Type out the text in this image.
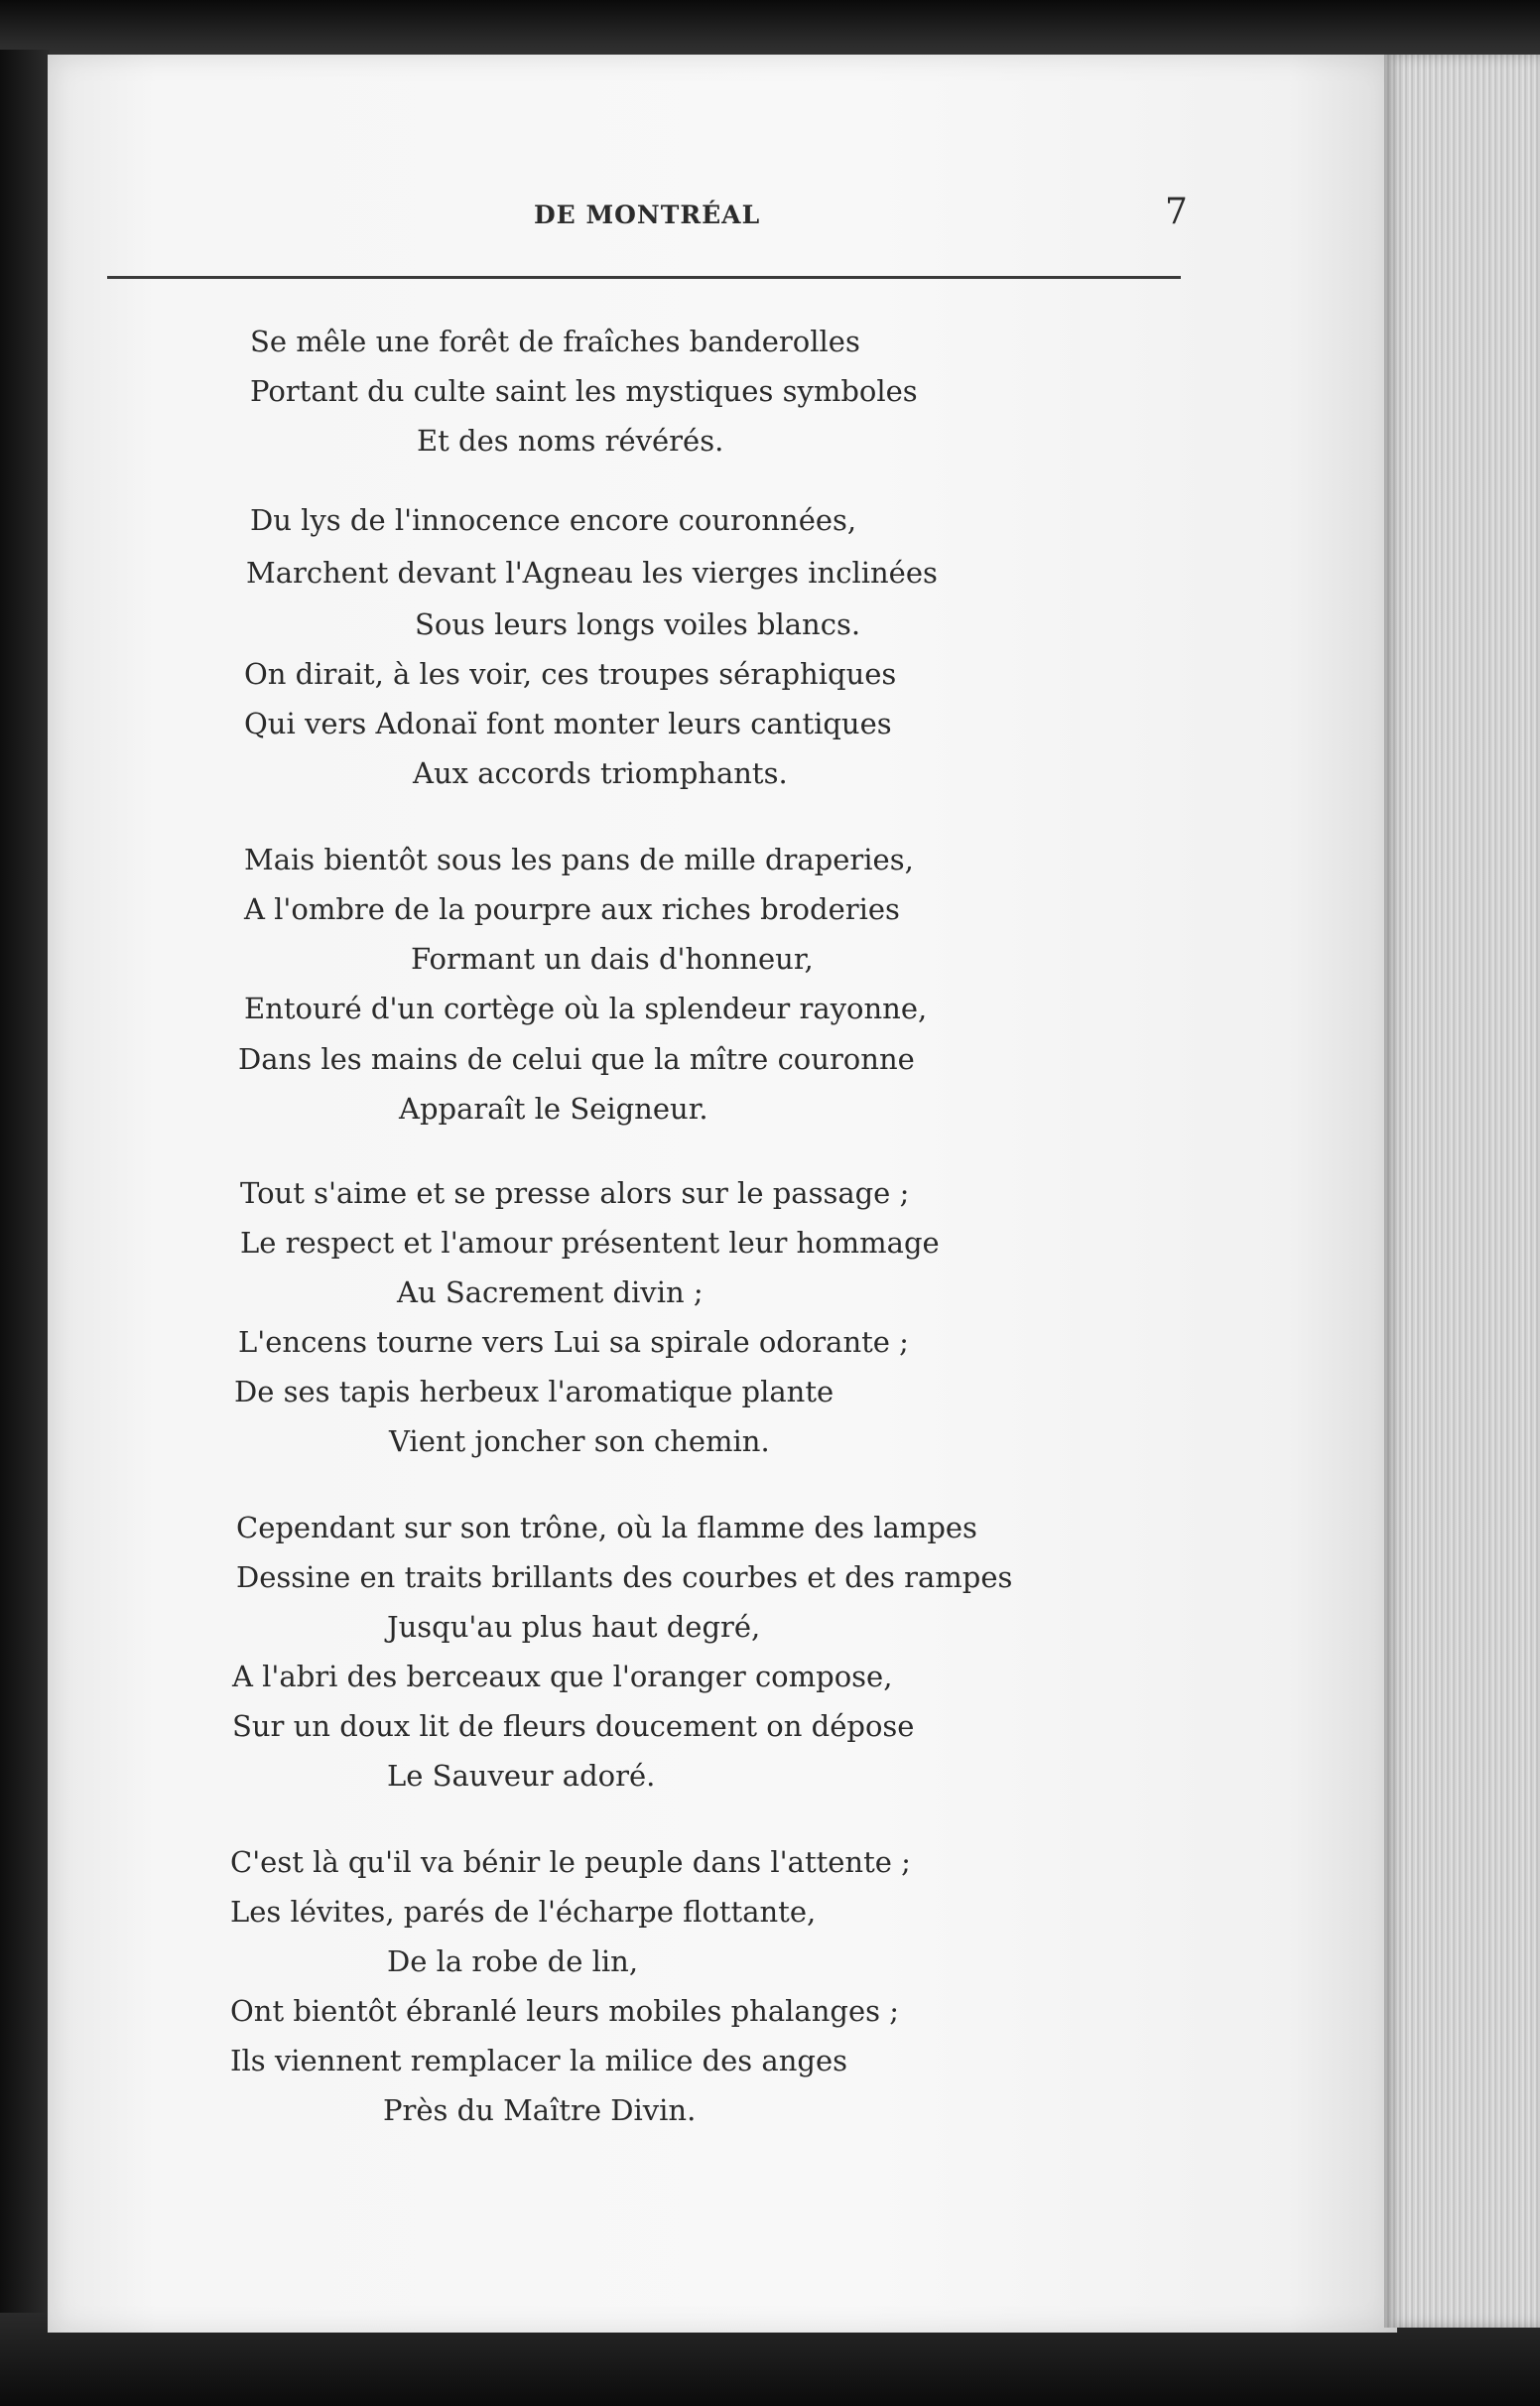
DE MONTRÉAL	7
Se mêle une forêt de fraîches banderolles
Portant du culte saint les mystiques symboles
Et des noms révérés.
Du lys de l'innocence encore couronnées,
Marchent devant l'Agneau les vierges inclinées
Sous leurs longs voiles blancs.
On dirait, à les voir, ces troupes séraphiques
Qui vers Adonaï font monter leurs cantiques
Aux accords triomphants.
Mais bientôt sous les pans de mille draperies,
A l'ombre de la pourpre aux riches broderies
Formant un dais d'honneur,
Entouré d'un cortège où la splendeur rayonne,
Dans les mains de celui que la mître couronne
Apparaît le Seigneur.
Tout s'aime et se presse alors sur le passage ;
Le respect et l'amour présentent leur hommage
Au Sacrement divin ;
L'encens tourne vers Lui sa spirale odorante ;
De ses tapis herbeux l'aromatique plante
Vient joncher son chemin.
Cependant sur son trône, où la flamme des lampes
Dessine en traits brillants des courbes et des rampes
Jusqu'au plus haut degré,
A l'abri des berceaux que l'oranger compose,
Sur un doux lit de fleurs doucement on dépose
Le Sauveur adoré.
C'est là qu'il va bénir le peuple dans l'attente ;
Les lévites, parés de l'écharpe flottante,
De la robe de lin,
Ont bientôt ébranlé leurs mobiles phalanges ;
Ils viennent remplacer la milice des anges
Près du Maître Divin.
